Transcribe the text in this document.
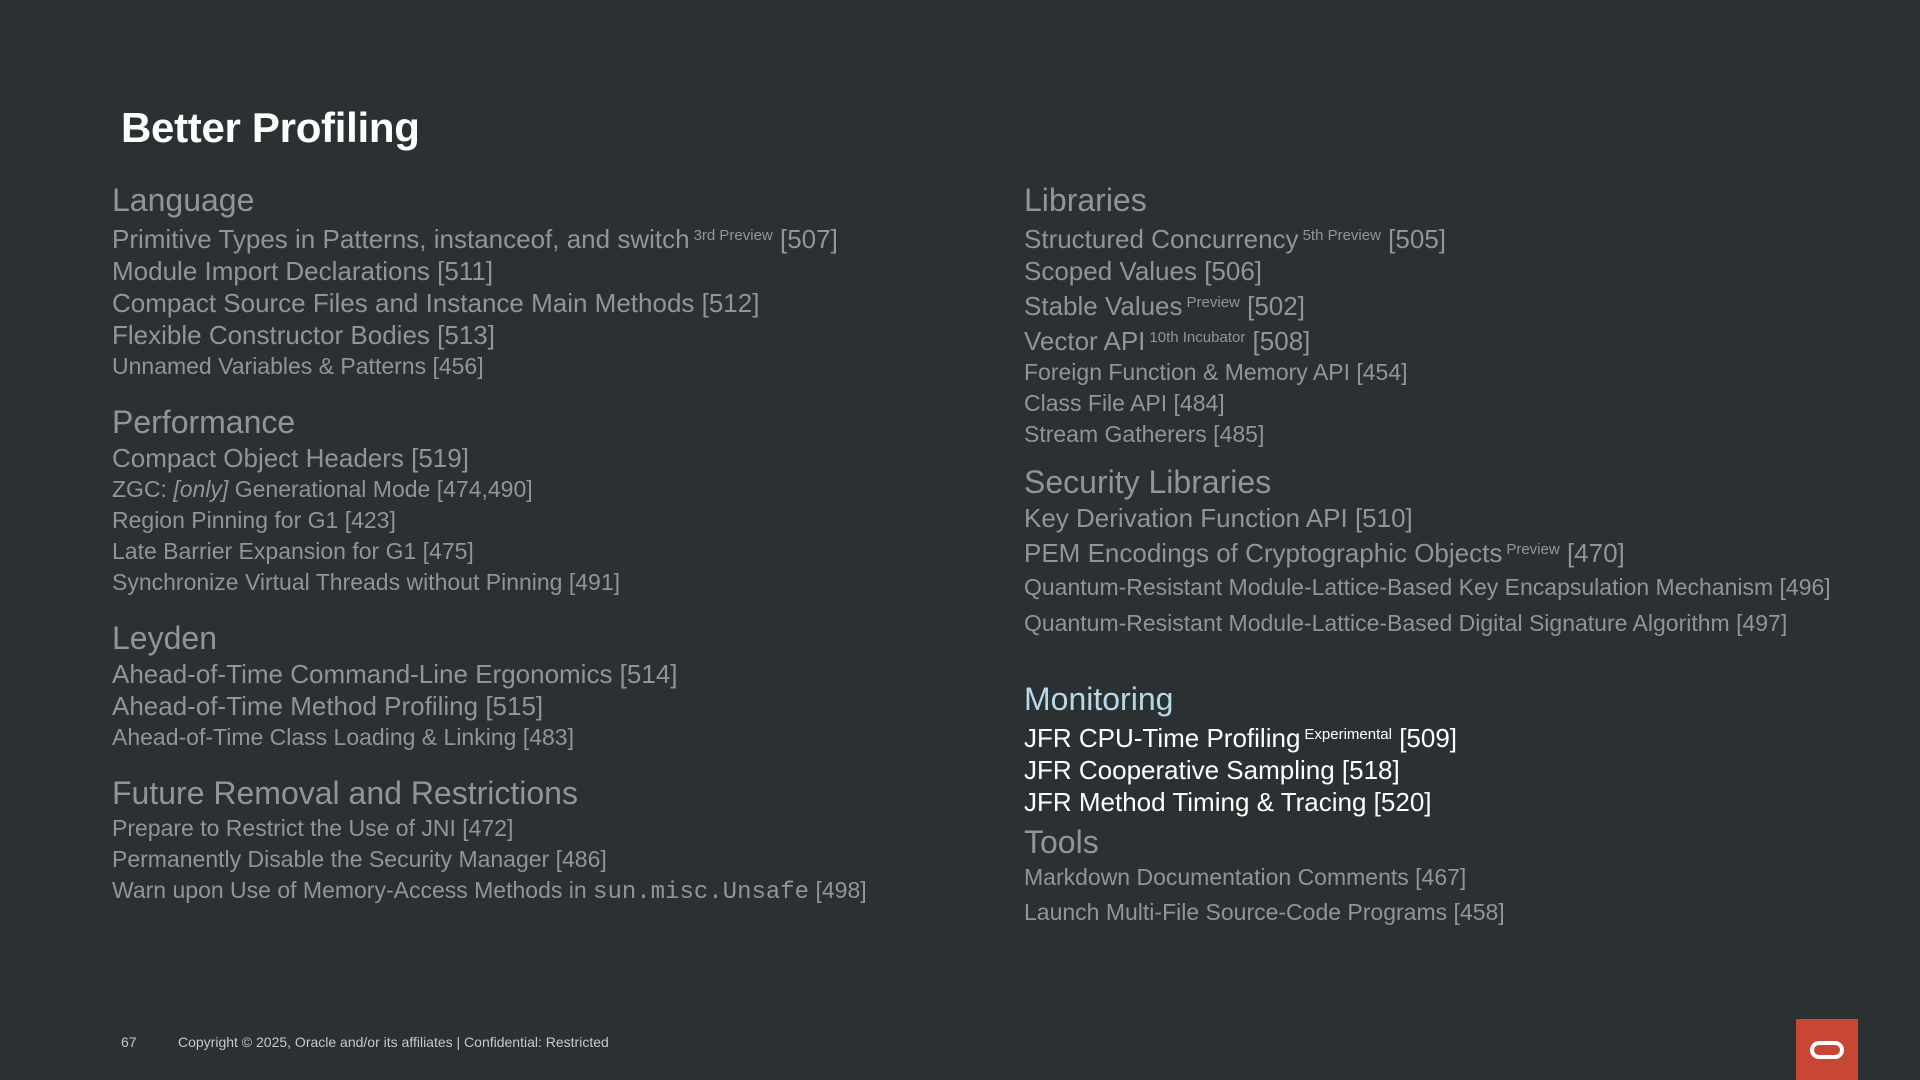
Better Profiling
Language
Primitive Types in Patterns, instanceof, and switch $^{3rd Preview}$ [507]
Module Import Declarations [511]
Compact Source Files and Instance Main Methods [512]
Flexible Constructor Bodies [513]
Unnamed Variables & Patterns [456]
Performance
Compact Object Headers [519]
ZGC: [only] Generational Mode [474,490]
Region Pinning for G1 [423]
Late Barrier Expansion for G1 [475]
Synchronize Virtual Threads without Pinning [491]
Leyden
Ahead-of-Time Command-Line Ergonomics [514]
Ahead-of-Time Method Profiling [515]
Ahead-of-Time Class Loading & Linking [483]
Future Removal and Restrictions
Prepare to Restrict the Use of JNI [472]
Permanently Disable the Security Manager [486]
Warn upon Use of Memory-Access Methods in sun.misc.Unsafe [498]
Libraries
Structured Concurrency $^{5th Preview}$ [505]
Scoped Values [506]
Stable Values $^{Preview}$ [502]
Vector API $^{10th Incubator}$ [508]
Foreign Function & Memory API [454]
Class File API [484]
Stream Gatherers [485]
Security Libraries
Key Derivation Function API [510]
PEM Encodings of Cryptographic Objects $^{Preview}$ [470]
Quantum-Resistant Module-Lattice-Based Key Encapsulation Mechanism [496]
Quantum-Resistant Module-Lattice-Based Digital Signature Algorithm [497]
Monitoring
JFR CPU-Time Profiling $^{Experimental}$ [509]
JFR Cooperative Sampling [518]
JFR Method Timing & Tracing [520]
Tools
Markdown Documentation Comments [467]
Launch Multi-File Source-Code Programs [458]
67	Copyright © 2025, Oracle and/or its affiliates | Confidential: Restricted
